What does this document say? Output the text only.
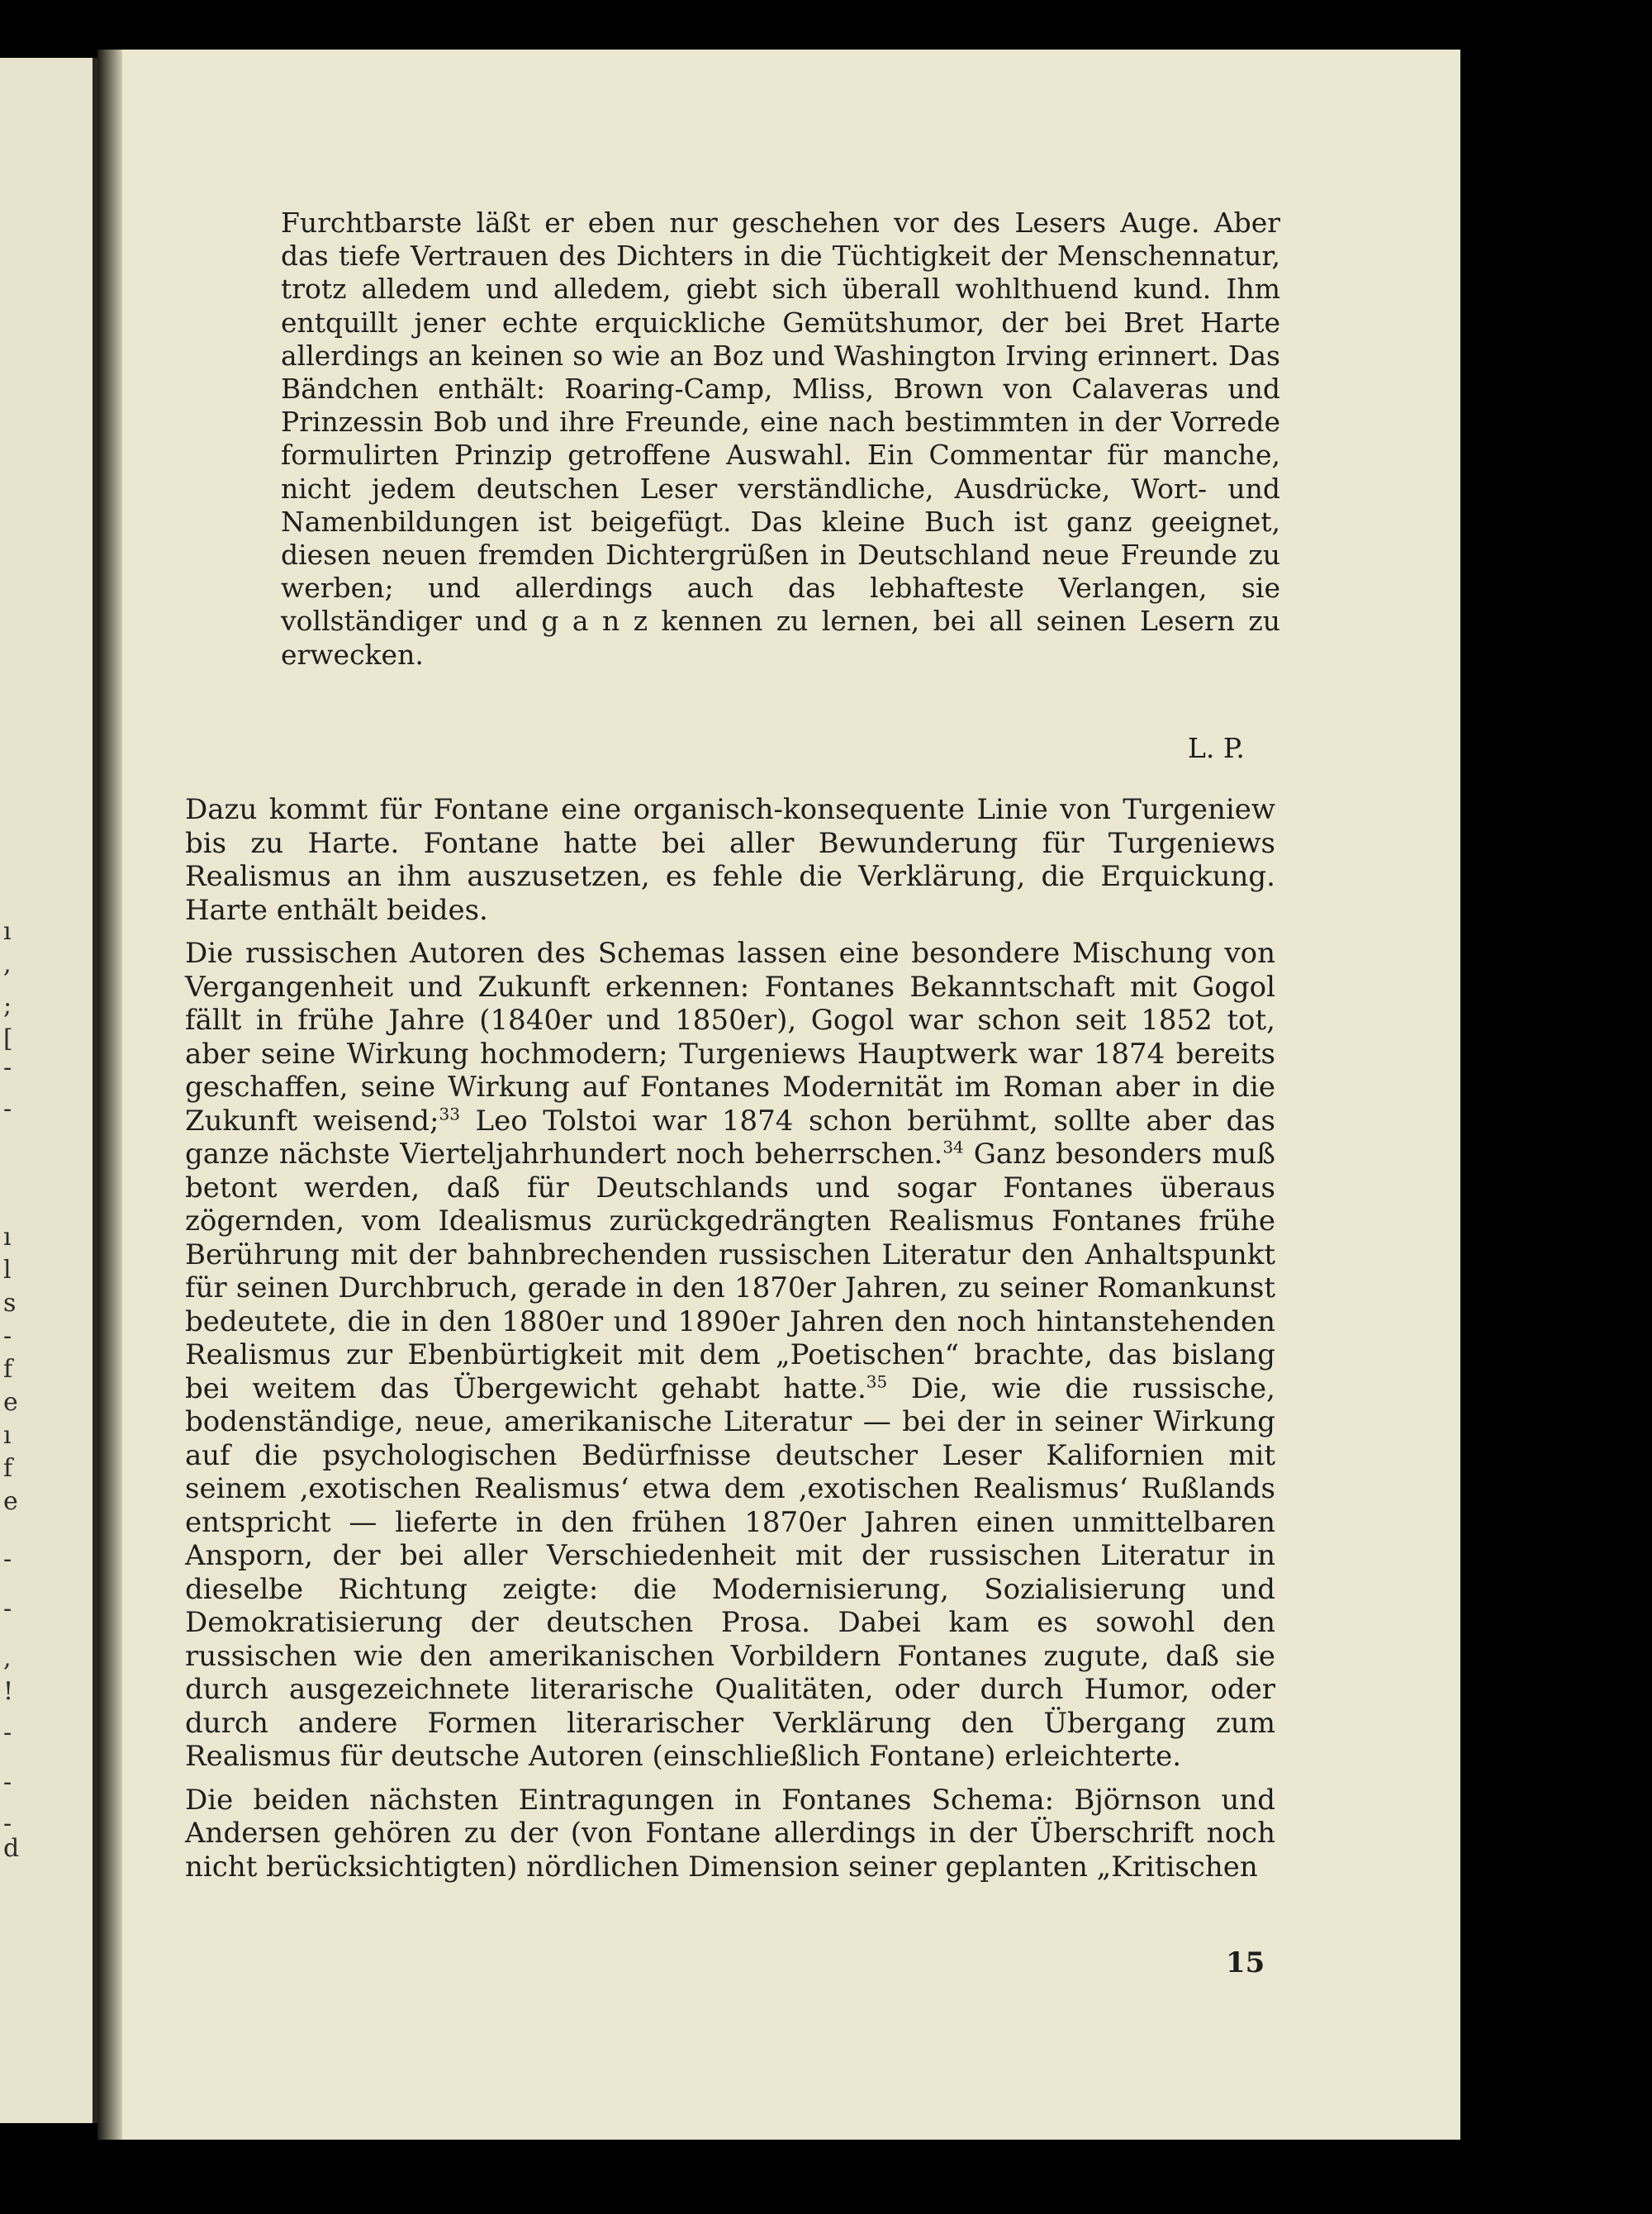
ı
,
;
[
-
-
ı
l
s
-
f
e
ı
f
e
-
-
,
!
-
-
-
d

Furchtbarste läßt er eben nur geschehen vor des Lesers Auge. Aber das tiefe Vertrauen des Dichters in die Tüchtigkeit der Menschennatur, trotz alledem und alledem, giebt sich überall wohlthuend kund. Ihm entquillt jener echte erquickliche Gemütshumor, der bei Bret Harte allerdings an keinen so wie an Boz und Washington Irving erinnert. Das Bändchen enthält: Roaring-Camp, Mliss, Brown von Calaveras und Prinzessin Bob und ihre Freunde, eine nach bestimmten in der Vorrede formulirten Prinzip getroffene Auswahl. Ein Commentar für manche, nicht jedem deutschen Leser verständliche, Ausdrücke, Wort- und Namenbildungen ist beigefügt. Das kleine Buch ist ganz geeignet, diesen neuen fremden Dichtergrüßen in Deutschland neue Freunde zu werben; und allerdings auch das lebhafteste Verlangen, sie vollständiger und g a n z kennen zu lernen, bei all seinen Lesern zu erwecken.

L. P.

Dazu kommt für Fontane eine organisch-konsequente Linie von Turgeniew bis zu Harte. Fontane hatte bei aller Bewunderung für Turgeniews Realismus an ihm auszusetzen, es fehle die Verklärung, die Erquickung. Harte enthält beides.

Die russischen Autoren des Schemas lassen eine besondere Mischung von Vergangenheit und Zukunft erkennen: Fontanes Bekanntschaft mit Gogol fällt in frühe Jahre (1840er und 1850er), Gogol war schon seit 1852 tot, aber seine Wirkung hochmodern; Turgeniews Hauptwerk war 1874 bereits geschaffen, seine Wirkung auf Fontanes Modernität im Roman aber in die Zukunft weisend;$^{33}$ Leo Tolstoi war 1874 schon berühmt, sollte aber das ganze nächste Vierteljahrhundert noch beherrschen.$^{34}$ Ganz besonders muß betont werden, daß für Deutschlands und sogar Fontanes überaus zögernden, vom Idealismus zurückgedrängten Realismus Fontanes frühe Berührung mit der bahnbrechenden russischen Literatur den Anhaltspunkt für seinen Durchbruch, gerade in den 1870er Jahren, zu seiner Romankunst bedeutete, die in den 1880er und 1890er Jahren den noch hintanstehenden Realismus zur Ebenbürtigkeit mit dem „Poetischen“ brachte, das bislang bei weitem das Übergewicht gehabt hatte.$^{35}$ Die, wie die russische, bodenständige, neue, amerikanische Literatur — bei der in seiner Wirkung auf die psychologischen Bedürfnisse deutscher Leser Kalifornien mit seinem ‚exotischen Realismus‘ etwa dem ‚exotischen Realismus‘ Rußlands entspricht — lieferte in den frühen 1870er Jahren einen unmittelbaren Ansporn, der bei aller Verschiedenheit mit der russischen Literatur in dieselbe Richtung zeigte: die Modernisierung, Sozialisierung und Demokratisierung der deutschen Prosa. Dabei kam es sowohl den russischen wie den amerikanischen Vorbildern Fontanes zugute, daß sie durch ausgezeichnete literarische Qualitäten, oder durch Humor, oder durch andere Formen literarischer Verklärung den Übergang zum Realismus für deutsche Autoren (einschließlich Fontane) erleichterte.

Die beiden nächsten Eintragungen in Fontanes Schema: Björnson und Andersen gehören zu der (von Fontane allerdings in der Überschrift noch nicht berücksichtigten) nördlichen Dimension seiner geplanten „Kritischen

15
